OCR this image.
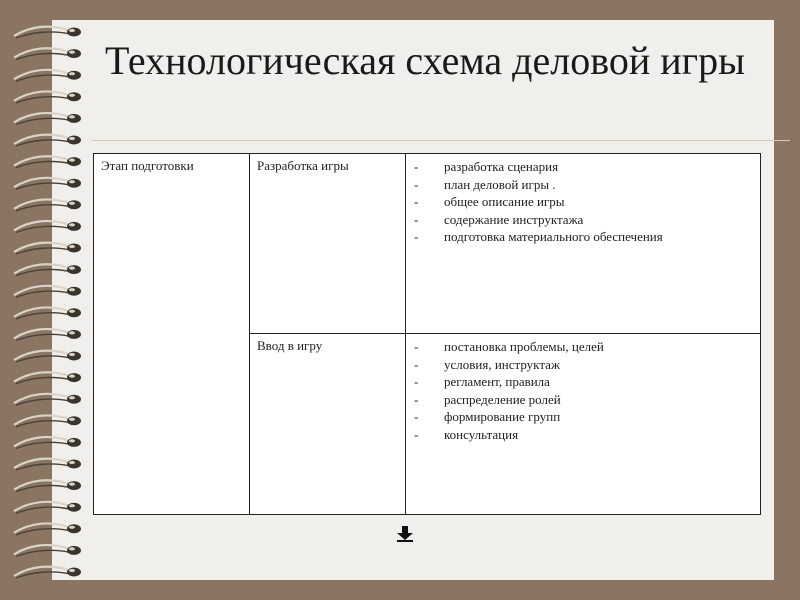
Технологическая схема деловой игры
Этап подготовки	Разработка игры	- разработка сценария
- план деловой игры .
- общее описание игры
- содержание инструктажа
- подготовка материального обеспечения
Ввод в игру	- постановка проблемы, целей
- условия, инструктаж
- регламент, правила
- распределение ролей
- формирование групп
- консультация
